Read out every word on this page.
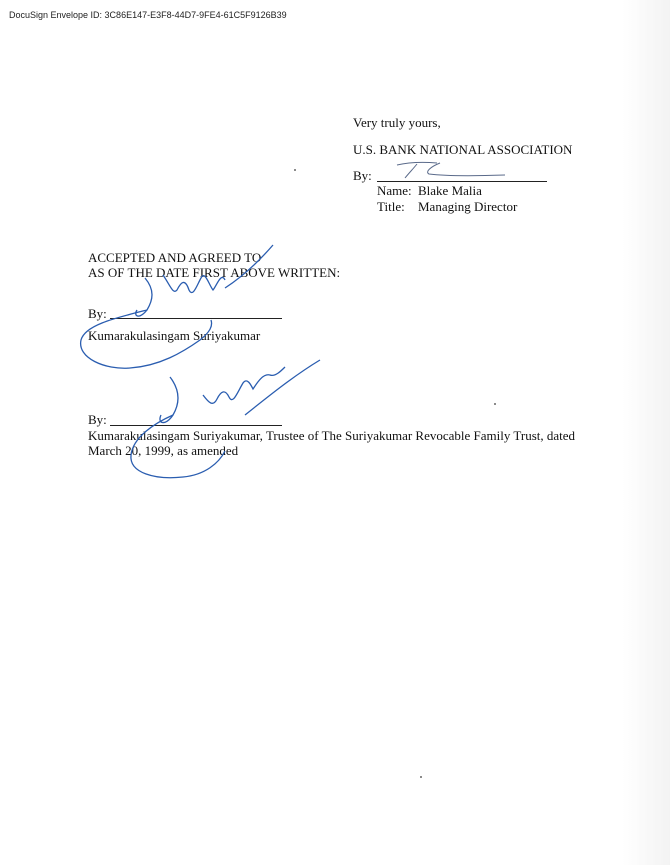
DocuSign Envelope ID: 3C86E147-E3F8-44D7-9FE4-61C5F9126B39
Very truly yours,
U.S. BANK NATIONAL ASSOCIATION
By:
Name: Blake Malia
Title: Managing Director
ACCEPTED AND AGREED TO
AS OF THE DATE FIRST ABOVE WRITTEN:
By:
Kumarakulasingam Suriyakumar
By:
Kumarakulasingam Suriyakumar, Trustee of The Suriyakumar Revocable Family Trust, dated
March 20, 1999, as amended
